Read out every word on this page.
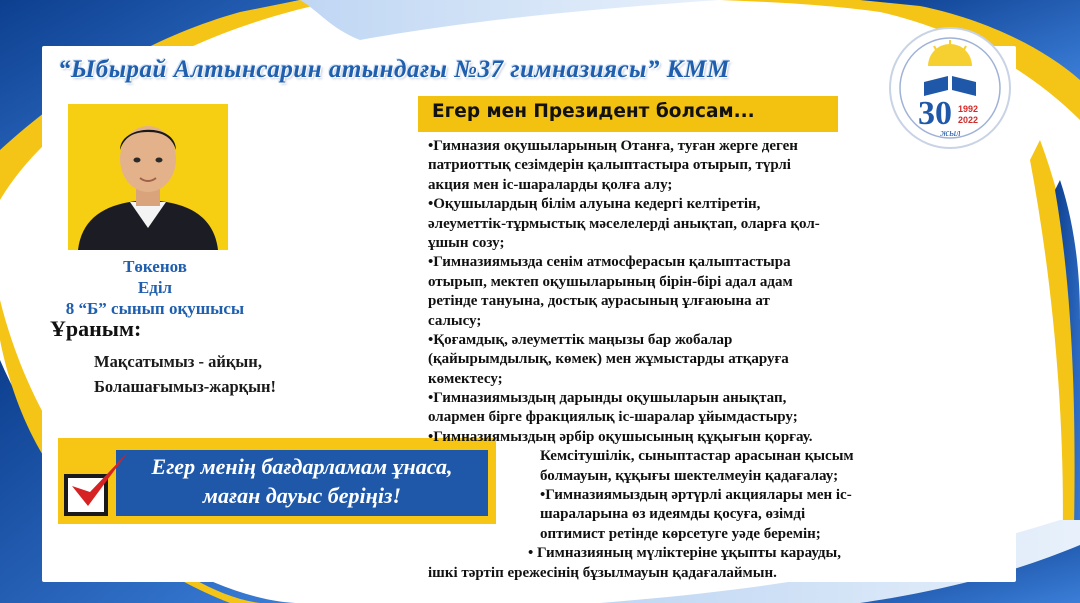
“Ыбырай Алтынсарин атындағы №37 гимназиясы” КММ
30 1992
2022
жыл
Төкенов
Еділ
8 “Б” сынып оқушысы
Ұраным:
Мақсатымыз - айқын,
Болашағымыз-жарқын!
Егер менің бағдарламам ұнаса,
маған дауыс беріңіз!
Егер мен Президент болсам...
•Гимназия оқушыларының Отанға, туған жерге деген
патриоттық сезімдерін қалыптастыра отырып, түрлі
акция мен іс-шараларды қолға алу;
•Оқушылардың білім алуына кедергі келтіретін,
әлеуметтік-тұрмыстық мәселелерді анықтап, оларға қол-
ұшын созу;
•Гимназиямызда сенім атмосферасын қалыптастыра
отырып, мектеп оқушыларының бірін-бірі адал адам
ретінде тануына, достық аурасының ұлғаюына ат
салысу;
•Қоғамдық, әлеуметтік маңызы бар жобалар
(қайырымдылық, көмек) мен жұмыстарды атқаруға
көмектесу;
•Гимназиямыздың дарынды оқушыларын анықтап,
олармен бірге фракциялық іс-шаралар ұйымдастыру;
•Гимназиямыздың әрбір оқушысының құқығын қорғау.
Кемсітушілік, сыныптастар арасынан қысым
болмауын, құқығы шектелмеуін қадағалау;
•Гимназиямыздың әртүрлі акциялары мен іс-
шараларына өз идеямды қосуға, өзімді
оптимист ретінде көрсетуге уәде беремін;
• Гимназияның мүліктеріне ұқыпты карауды,
ішкі тәртіп ережесінің бұзылмауын қадағалаймын.
